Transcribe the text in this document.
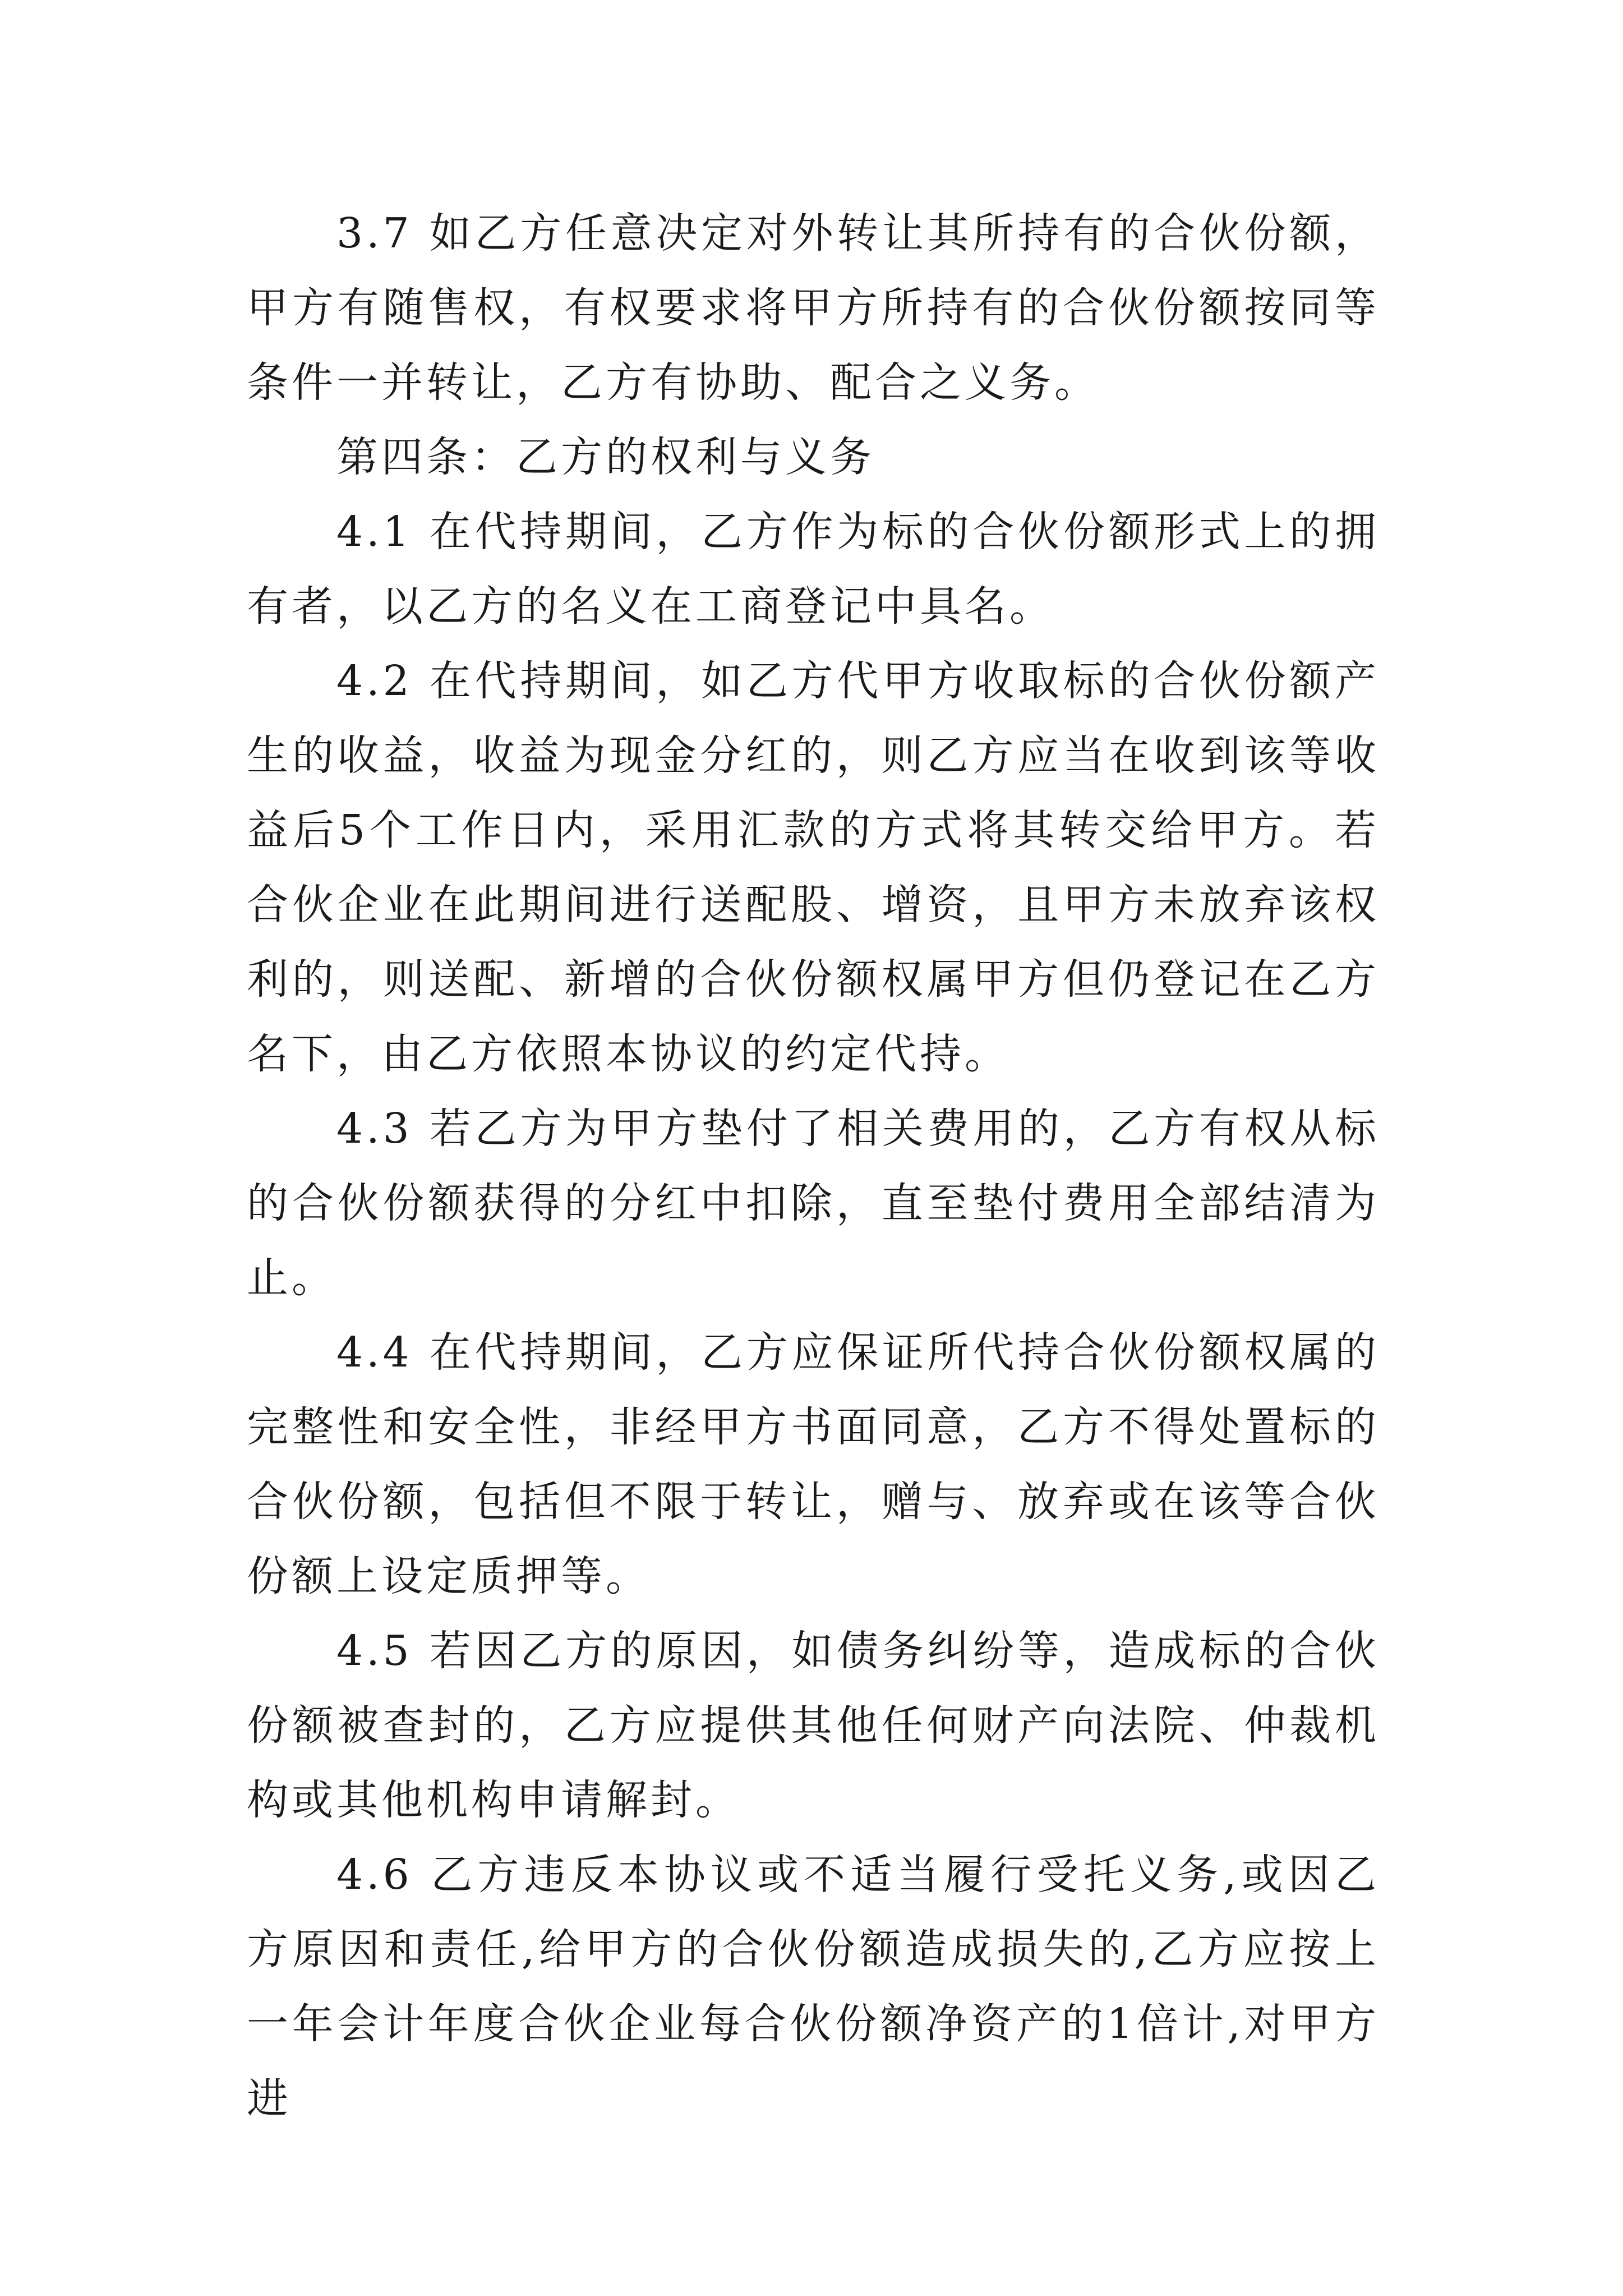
3.7 如乙方任意决定对外转让其所持有的合伙份额，甲方有随售权，有权要求将甲方所持有的合伙份额按同等条件一并转让，乙方有协助、配合之义务。

第四条：乙方的权利与义务

4.1 在代持期间，乙方作为标的合伙份额形式上的拥有者，以乙方的名义在工商登记中具名。

4.2 在代持期间，如乙方代甲方收取标的合伙份额产生的收益，收益为现金分红的，则乙方应当在收到该等收益后5个工作日内，采用汇款的方式将其转交给甲方。若合伙企业在此期间进行送配股、增资，且甲方未放弃该权利的，则送配、新增的合伙份额权属甲方但仍登记在乙方名下，由乙方依照本协议的约定代持。

4.3 若乙方为甲方垫付了相关费用的，乙方有权从标的合伙份额获得的分红中扣除，直至垫付费用全部结清为止。

4.4 在代持期间，乙方应保证所代持合伙份额权属的完整性和安全性，非经甲方书面同意，乙方不得处置标的合伙份额，包括但不限于转让，赠与、放弃或在该等合伙份额上设定质押等。

4.5 若因乙方的原因，如债务纠纷等，造成标的合伙份额被查封的，乙方应提供其他任何财产向法院、仲裁机构或其他机构申请解封。

4.6 乙方违反本协议或不适当履行受托义务,或因乙方原因和责任,给甲方的合伙份额造成损失的,乙方应按上一年会计年度合伙企业每合伙份额净资产的1倍计,对甲方进
